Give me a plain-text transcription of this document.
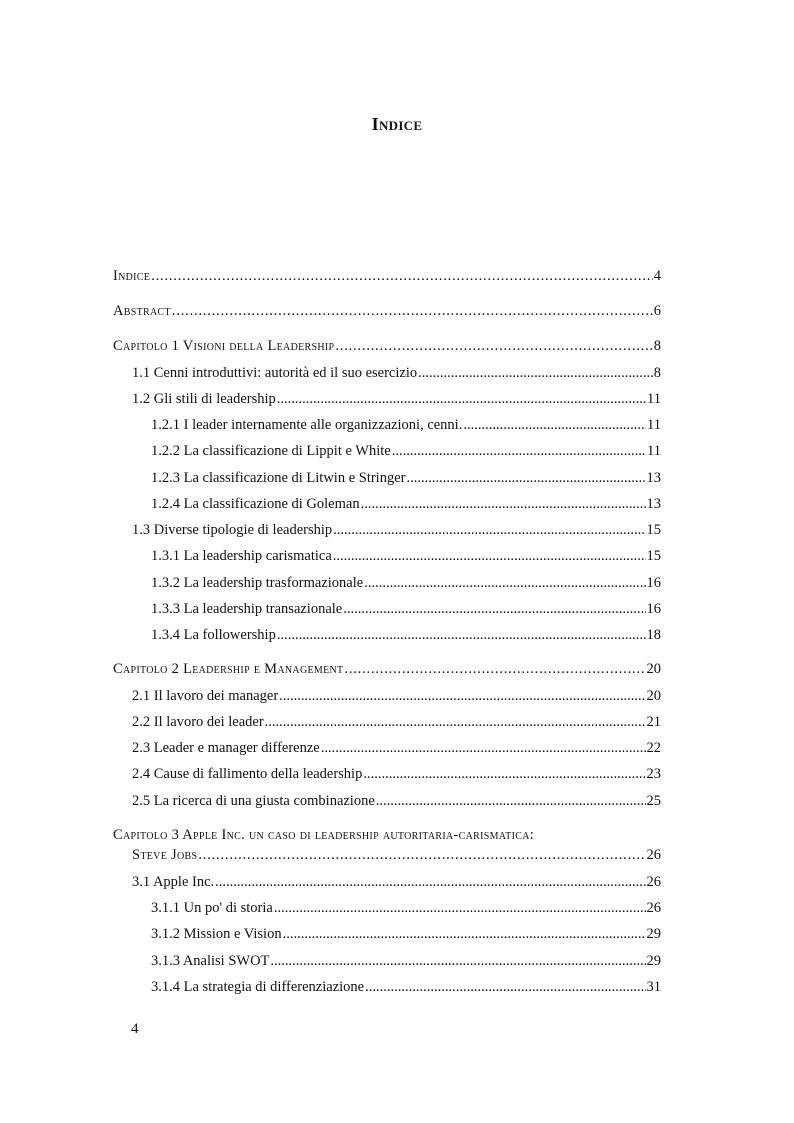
Indice
Indice .....	4
Abstract .....	6
Capitolo 1 Visioni della Leadership .....	8
1.1 Cenni introduttivi: autorità ed il suo esercizio .....	8
1.2 Gli stili di leadership .....	11
1.2.1 I leader internamente alle organizzazioni, cenni. .....	11
1.2.2 La classificazione di Lippit e White .....	11
1.2.3 La classificazione di Litwin e Stringer .....	13
1.2.4 La classificazione di Goleman .....	13
1.3 Diverse tipologie di leadership .....	15
1.3.1 La leadership carismatica .....	15
1.3.2 La leadership trasformazionale .....	16
1.3.3 La leadership transazionale .....	16
1.3.4 La followership .....	18
Capitolo 2 Leadership e Management .....	20
2.1 Il lavoro dei manager .....	20
2.2 Il lavoro dei leader .....	21
2.3 Leader e manager differenze .....	22
2.4 Cause di fallimento della leadership .....	23
2.5 La ricerca di una giusta combinazione .....	25
Capitolo 3 Apple Inc. un caso di leadership autoritaria-carismatica:
Steve Jobs .....	26
3.1 Apple Inc. .....	26
3.1.1 Un po' di storia .....	26
3.1.2 Mission e Vision .....	29
3.1.3 Analisi SWOT .....	29
3.1.4 La strategia di differenziazione .....	31
4
